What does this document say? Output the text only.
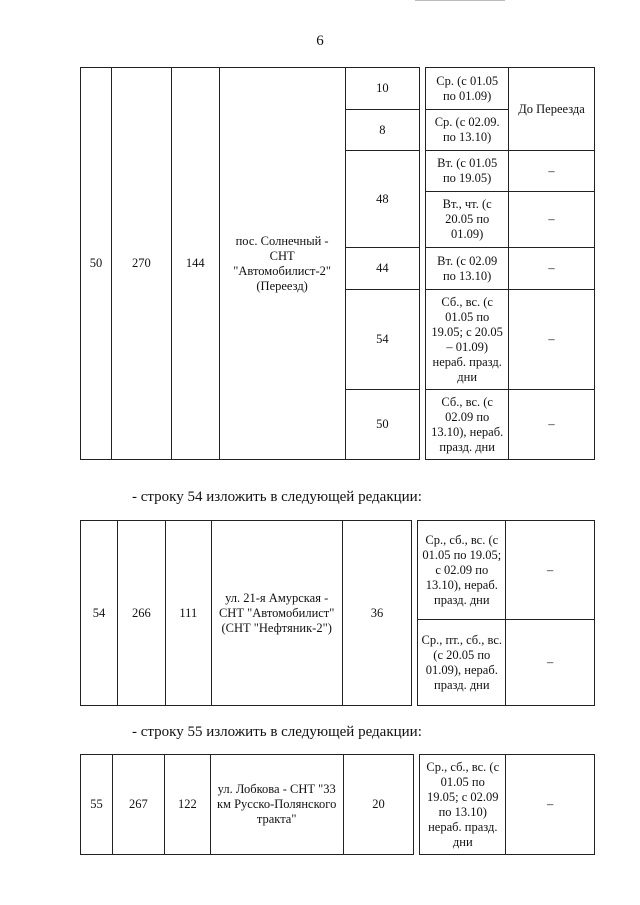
6
50	270	144	пос. Солнечный - СНТ "Автомобилист-2" (Переезд)	10		Ср. (с 01.05 по 01.09)	До Переезда
				8		Ср. (с 02.09. по 13.10)	
				48		Вт. (с 01.05 по 19.05)	–
						Вт., чт. (с 20.05 по 01.09)	–
				44		Вт. (с 02.09 по 13.10)	–
				54		Сб., вс. (с 01.05 по 19.05; с 20.05 – 01.09) нераб. празд. дни	–
				50		Сб., вс. (с 02.09 по 13.10), нераб. празд. дни	–
- строку 54 изложить в следующей редакции:
54	266	111	ул. 21-я Амурская - СНТ "Автомобилист" (СНТ "Нефтяник-2")	36		Ср., сб., вс. (с 01.05 по 19.05; с 02.09 по 13.10), нераб. празд. дни	–
						Ср., пт., сб., вс. (с 20.05 по 01.09), нераб. празд. дни	–
- строку 55 изложить в следующей редакции:
55	267	122	ул. Лобкова - СНТ "33 км Русско-Полянского тракта"	20		Ср., сб., вс. (с 01.05 по 19.05; с 02.09 по 13.10) нераб. празд. дни	–
